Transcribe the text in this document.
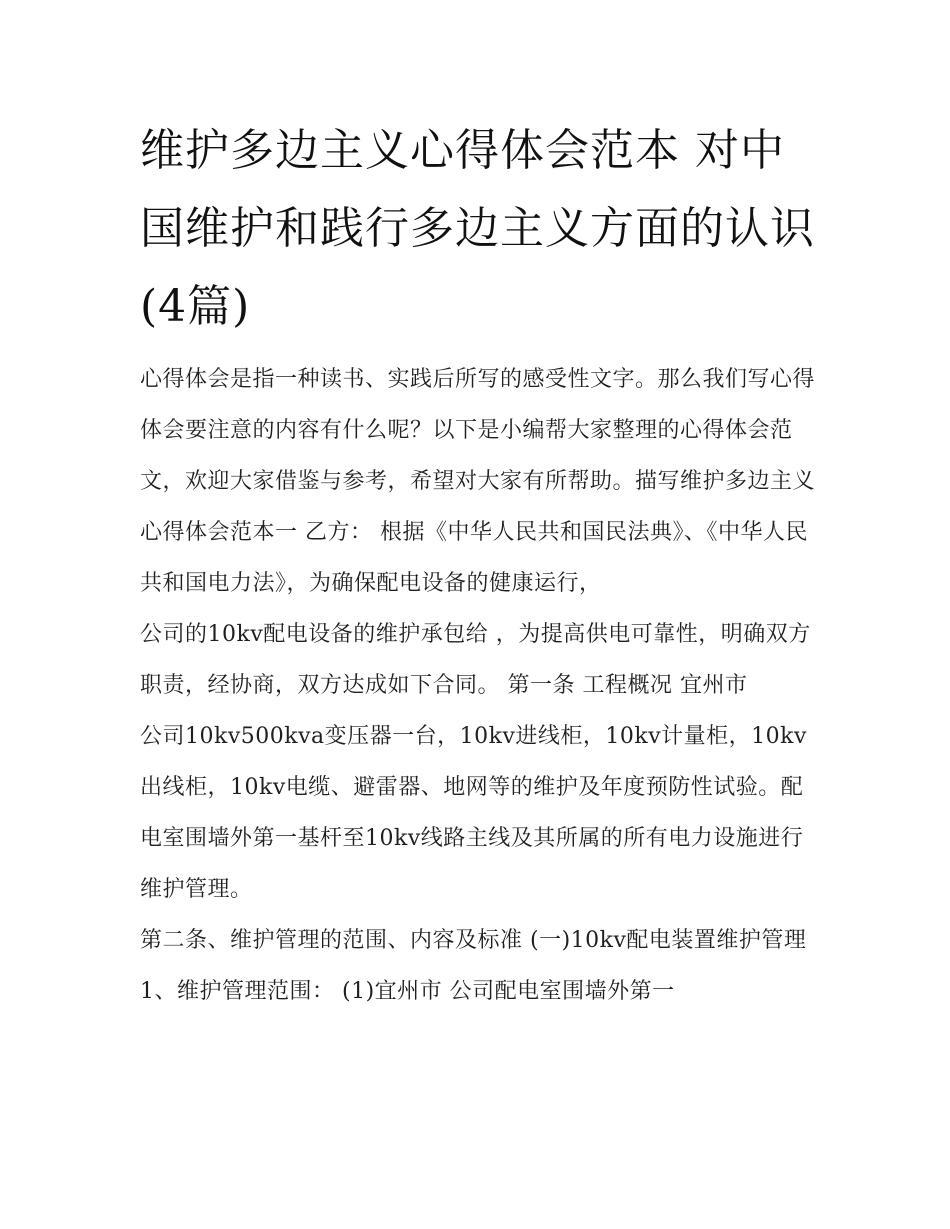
维护多边主义心得体会范本 对中国维护和践行多边主义方面的认识(4篇)

心得体会是指一种读书、实践后所写的感受性文字。那么我们写心得体会要注意的内容有什么呢？以下是小编帮大家整理的心得体会范文，欢迎大家借鉴与参考，希望对大家有所帮助。描写维护多边主义心得体会范本一 乙方： 根据《中华人民共和国民法典》、《中华人民共和国电力法》，为确保配电设备的健康运行，

公司的10kv配电设备的维护承包给 ，为提高供电可靠性，明确双方职责，经协商，双方达成如下合同。 第一条 工程概况 宜州市

公司10kv500kva变压器一台，10kv进线柜，10kv计量柜，10kv出线柜，10kv电缆、避雷器、地网等的维护及年度预防性试验。配电室围墙外第一基杆至10kv线路主线及其所属的所有电力设施进行维护管理。

第二条、维护管理的范围、内容及标准 (一)10kv配电装置维护管理 1、维护管理范围： (1)宜州市 公司配电室围墙外第一
